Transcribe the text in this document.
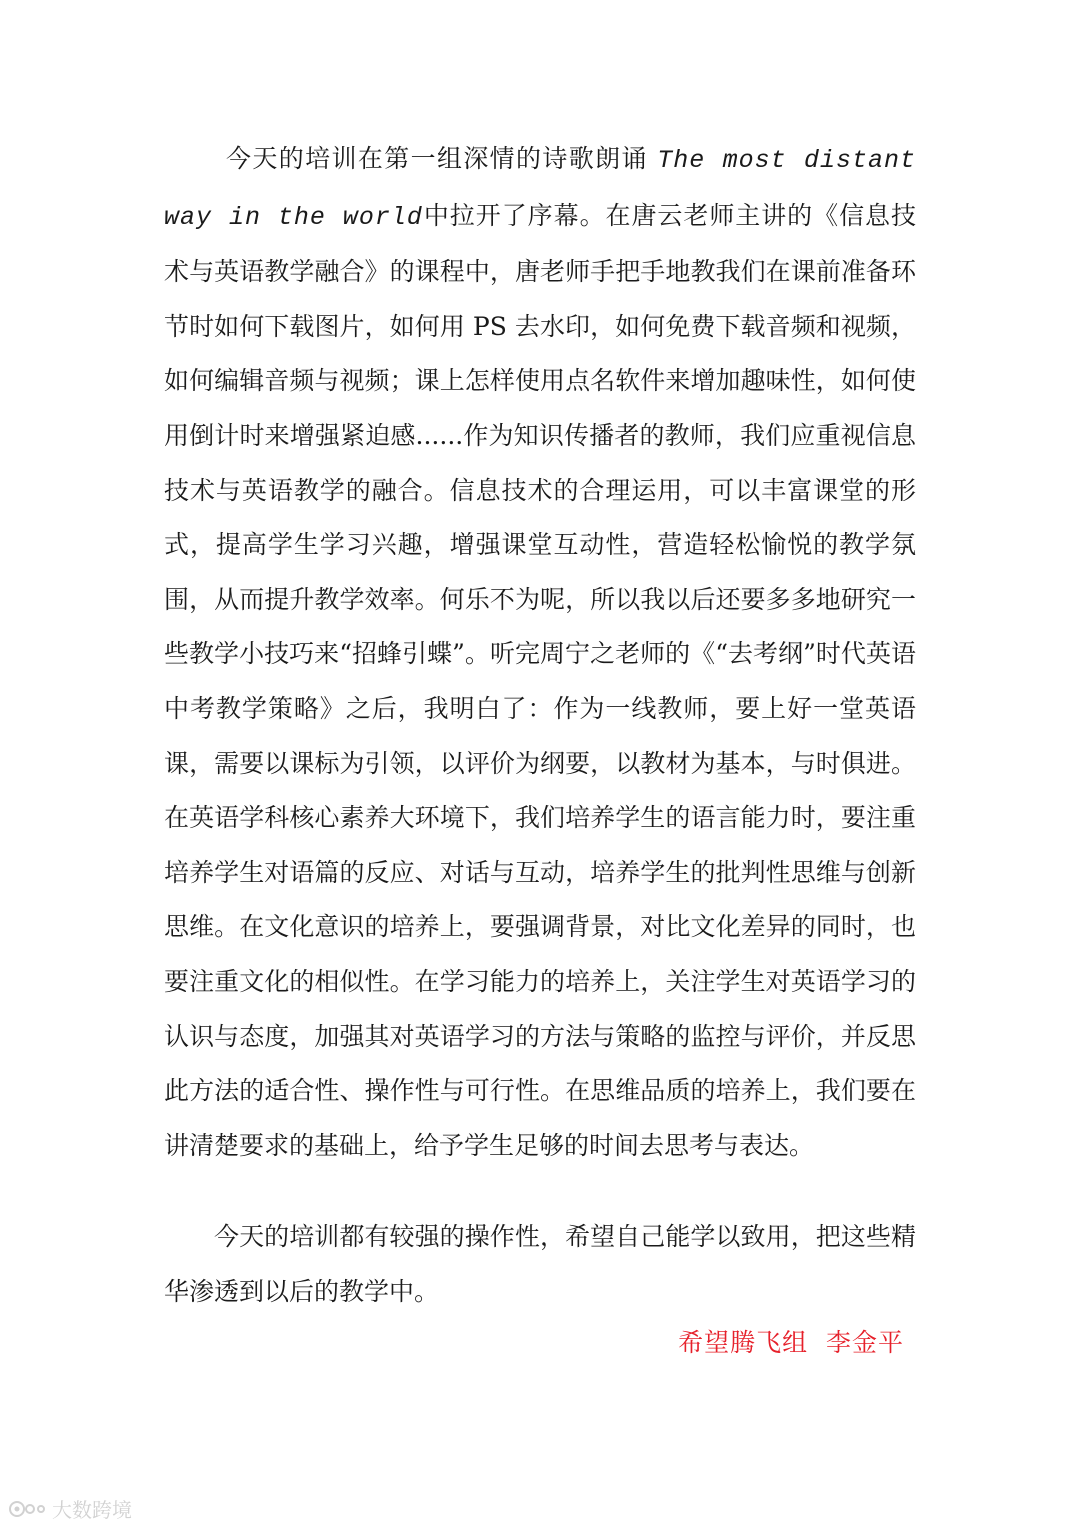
今天的培训在第一组深情的诗歌朗诵 The most distant way in the world中拉开了序幕。在唐云老师主讲的《信息技术与英语教学融合》的课程中，唐老师手把手地教我们在课前准备环节时如何下载图片，如何用 PS 去水印，如何免费下载音频和视频，如何编辑音频与视频；课上怎样使用点名软件来增加趣味性，如何使用倒计时来增强紧迫感......作为知识传播者的教师，我们应重视信息技术与英语教学的融合。信息技术的合理运用，可以丰富课堂的形式，提高学生学习兴趣，增强课堂互动性，营造轻松愉悦的教学氛围，从而提升教学效率。何乐不为呢，所以我以后还要多多地研究一些教学小技巧来“招蜂引蝶”。听完周宁之老师的《“去考纲”时代英语中考教学策略》之后，我明白了：作为一线教师，要上好一堂英语课，需要以课标为引领，以评价为纲要，以教材为基本，与时俱进。在英语学科核心素养大环境下，我们培养学生的语言能力时，要注重培养学生对语篇的反应、对话与互动，培养学生的批判性思维与创新思维。在文化意识的培养上，要强调背景，对比文化差异的同时，也要注重文化的相似性。在学习能力的培养上，关注学生对英语学习的认识与态度，加强其对英语学习的方法与策略的监控与评价，并反思此方法的适合性、操作性与可行性。在思维品质的培养上，我们要在讲清楚要求的基础上，给予学生足够的时间去思考与表达。

今天的培训都有较强的操作性，希望自己能学以致用，把这些精华渗透到以后的教学中。

希望腾飞组  李金平
大数跨境
